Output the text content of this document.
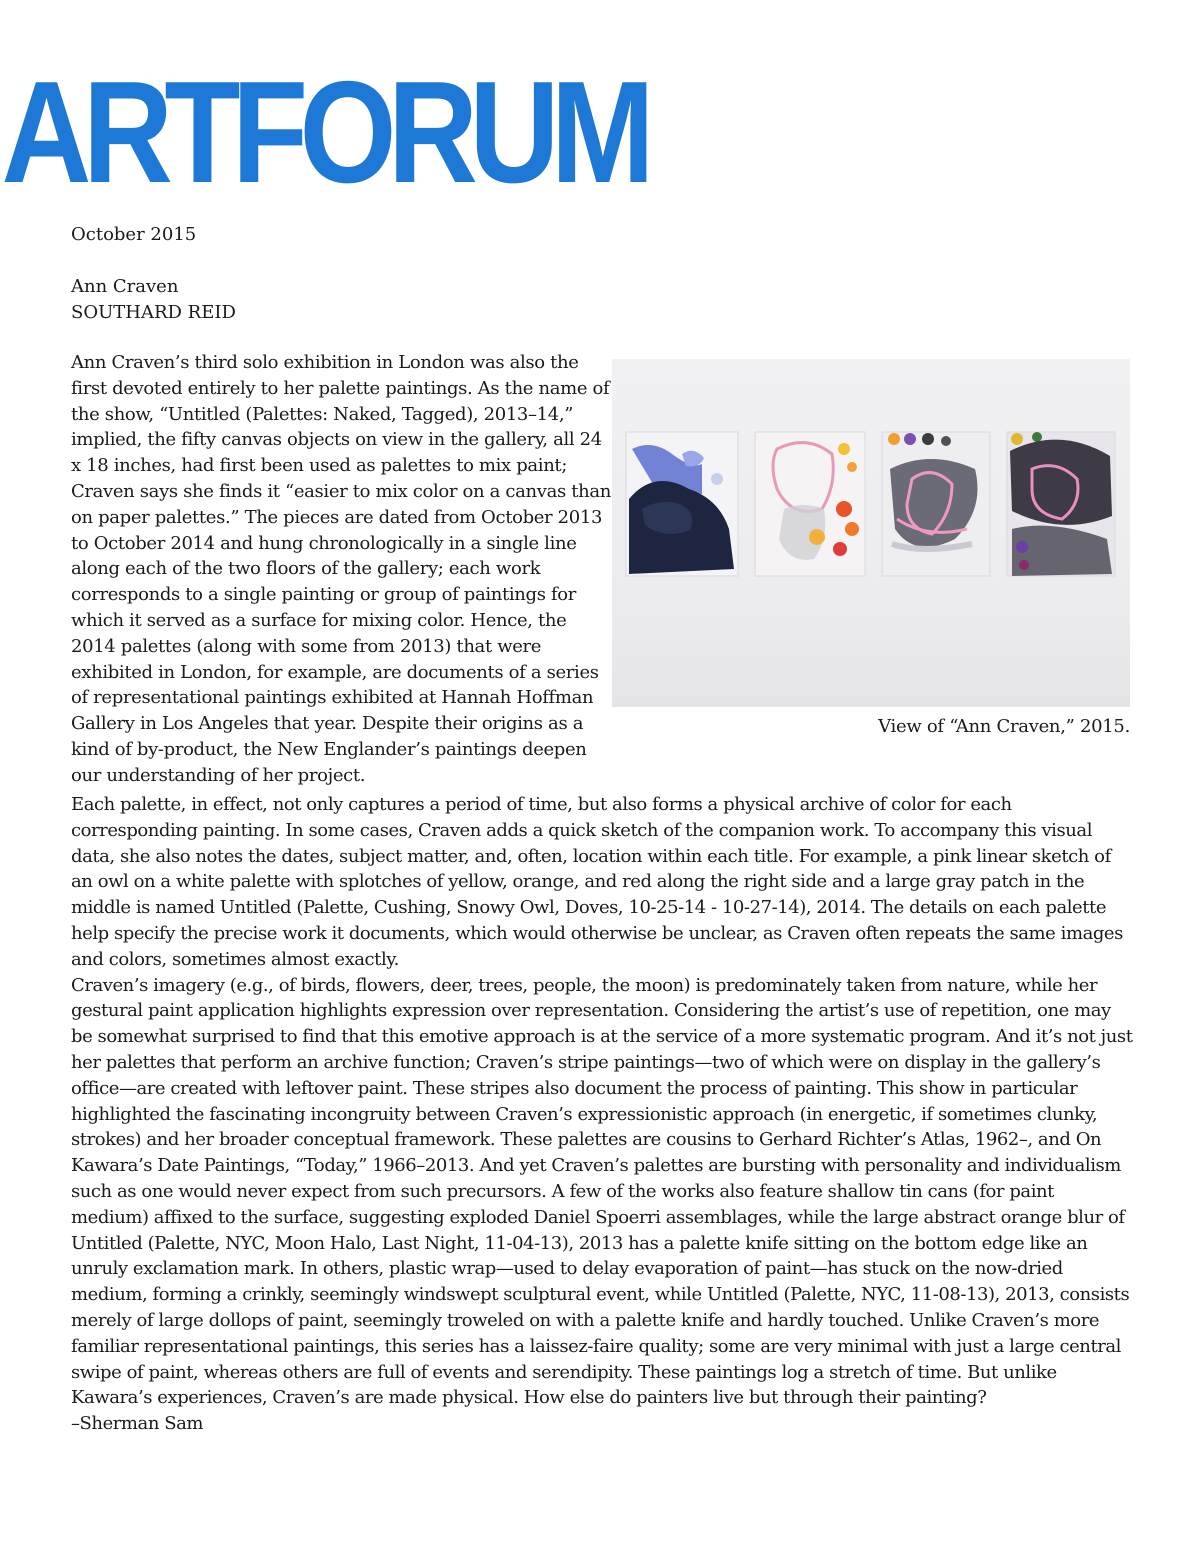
ARTFORUM
October 2015
Ann Craven
SOUTHARD REID

Ann Craven’s third solo exhibition in London was also the first devoted entirely to her palette paintings. As the name of the show, “Untitled (Palettes: Naked, Tagged), 2013–14,” implied, the fifty canvas objects on view in the gallery, all 24 x 18 inches, had first been used as palettes to mix paint; Craven says she finds it “easier to mix color on a canvas than on paper palettes.” The pieces are dated from October 2013 to October 2014 and hung chronologically in a single line along each of the two floors of the gallery; each work corresponds to a single painting or group of paintings for which it served as a surface for mixing color. Hence, the 2014 palettes (along with some from 2013) that were exhibited in London, for example, are documents of a series of representational paintings exhibited at Hannah Hoffman Gallery in Los Angeles that year. Despite their origins as a kind of by-product, the New Englander’s paintings deepen our understanding of her project.

View of “Ann Craven,” 2015.

Each palette, in effect, not only captures a period of time, but also forms a physical archive of color for each corresponding painting. In some cases, Craven adds a quick sketch of the companion work. To accompany this visual data, she also notes the dates, subject matter, and, often, location within each title. For example, a pink linear sketch of an owl on a white palette with splotches of yellow, orange, and red along the right side and a large gray patch in the middle is named Untitled (Palette, Cushing, Snowy Owl, Doves, 10-25-14 - 10-27-14), 2014. The details on each palette help specify the precise work it documents, which would otherwise be unclear, as Craven often repeats the same images and colors, sometimes almost exactly.

Craven’s imagery (e.g., of birds, flowers, deer, trees, people, the moon) is predominately taken from nature, while her gestural paint application highlights expression over representation. Considering the artist’s use of repetition, one may be somewhat surprised to find that this emotive approach is at the service of a more systematic program. And it’s not just her palettes that perform an archive function; Craven’s stripe paintings—two of which were on display in the gallery’s office—are created with leftover paint. These stripes also document the process of painting. This show in particular highlighted the fascinating incongruity between Craven’s expressionistic approach (in energetic, if sometimes clunky, strokes) and her broader conceptual framework. These palettes are cousins to Gerhard Richter’s Atlas, 1962–, and On Kawara’s Date Paintings, “Today,” 1966–2013. And yet Craven’s palettes are bursting with personality and individualism such as one would never expect from such precursors. A few of the works also feature shallow tin cans (for paint medium) affixed to the surface, suggesting exploded Daniel Spoerri assemblages, while the large abstract orange blur of Untitled (Palette, NYC, Moon Halo, Last Night, 11-04-13), 2013 has a palette knife sitting on the bottom edge like an unruly exclamation mark. In others, plastic wrap—used to delay evaporation of paint—has stuck on the now-dried medium, forming a crinkly, seemingly windswept sculptural event, while Untitled (Palette, NYC, 11-08-13), 2013, consists merely of large dollops of paint, seemingly troweled on with a palette knife and hardly touched. Unlike Craven’s more familiar representational paintings, this series has a laissez-faire quality; some are very minimal with just a large central swipe of paint, whereas others are full of events and serendipity. These paintings log a stretch of time. But unlike Kawara’s experiences, Craven’s are made physical. How else do painters live but through their painting?

–Sherman Sam
